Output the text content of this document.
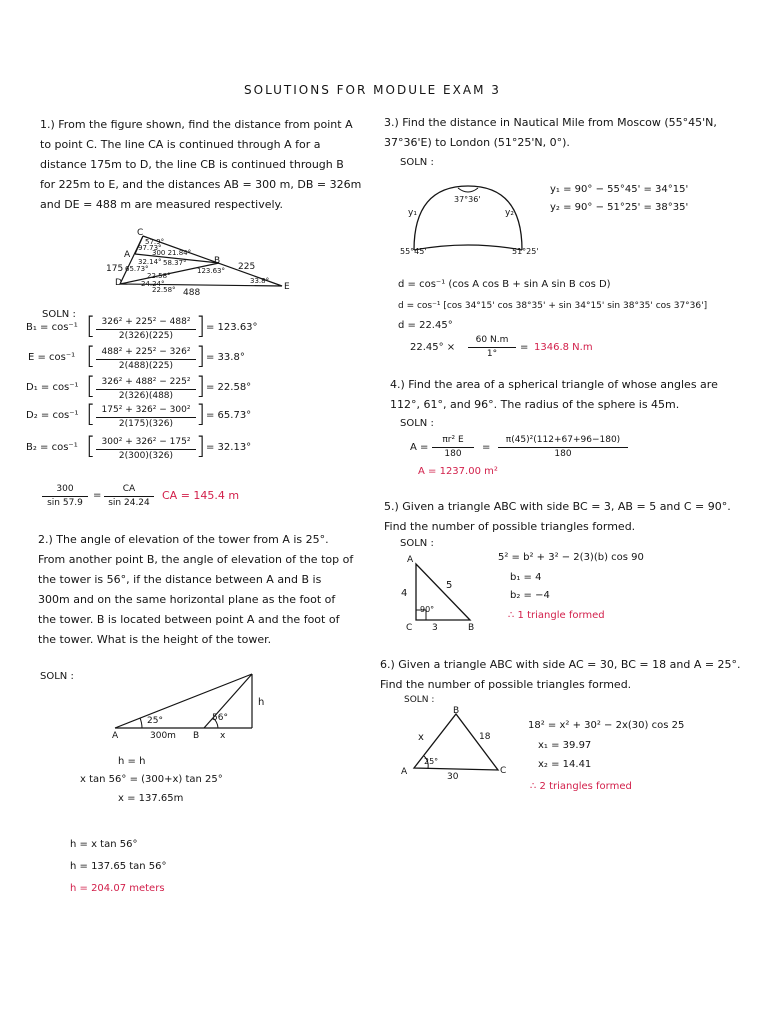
SOLUTIONS FOR MODULE EXAM 3
1.) From the figure shown, find the distance from point A to point C. The line CA is continued through A for a distance 175m to D, the line CB is continued through B for 225m to E, and the distances AB = 300 m, DB = 326m and DE = 488 m are measured respectively.
C
A
B
D	E
175	225
488
57.9°
97.73°
300 21.84°
32.14° 58.37°
65.73°	123.63°
22.58°
33.8°
24.24°
22.58°
SOLN :
B₁ = cos⁻¹ [ $\frac{\text{326² + 225² − 488²}}{2(326)(225)}$ ] = 123.63°
E = cos⁻¹ [ $\frac{\text{488² + 225² − 326²}}{2(488)(225)}$ ] = 33.8°
D₁ = cos⁻¹ [ $\frac{\text{326² + 488² − 225²}}{2(326)(488)}$ ] = 22.58°
D₂ = cos⁻¹ [ $\frac{\text{175² + 326² − 300²}}{2(175)(326)}$ ] = 65.73°
B₂ = cos⁻¹ [ $\frac{\text{300² + 326² − 175²}}{2(300)(326)}$ ] = 32.13°
$\frac{300}{\sin 57.9} = \frac{CA}{\sin 24.24}$ CA = 145.4 m
2.) The angle of elevation of the tower from A is 25°. From another point B, the angle of elevation of the top of the tower is 56°, if the distance between A and B is 300m and on the same horizontal plane as the foot of the tower. B is located between point A and the foot of the tower. What is the height of the tower.
SOLN :
h
25°	56°
A	300m B x
h = h
x tan 56° = (300+x) tan 25°
x = 137.65m
h = x tan 56°
h = 137.65 tan 56°
h = 204.07 meters
3.) Find the distance in Nautical Mile from Moscow (55°45'N, 37°36'E) to London (51°25'N, 0°).
SOLN :
37°36'
55°45'	51°25'
y₁	y₂
y₁ = 90° − 55°45' = 34°15'
y₂ = 90° − 51°25' = 38°35'
d = cos⁻¹ (cos A cos B + sin A sin B cos D)
d = cos⁻¹ [cos 34°15' cos 38°35' + sin 34°15' sin 38°35' cos 37°36']
d = 22.45°
$22.45^\circ \times \frac{60 N.m}{1^\circ} = 1346.8$ N.m
4.) Find the area of a spherical triangle of whose angles are 112°, 61°, and 96°. The radius of the sphere is 45m.
SOLN :
$A = \frac{\text{πr² E}}{180} = \frac{\text{π(45)²(112+67+96−180)}}{180}$
A = 1237.00 m²
5.) Given a triangle ABC with side BC = 3, AB = 5 and C = 90°. Find the number of possible triangles formed.
SOLN :
A
4
5
90°
C 3	B
5² = b² + 3² − 2(3)(b) cos 90
b₁ = 4
b₂ = −4
∴ 1 triangle formed
6.) Given a triangle ABC with side AC = 30, BC = 18 and A = 25°. Find the number of possible triangles formed.
SOLN :
B
x	18
25°
A	30
C
18² = x² + 30² − 2x(30) cos 25
x₁ = 39.97
x₂ = 14.41
∴ 2 triangles formed
